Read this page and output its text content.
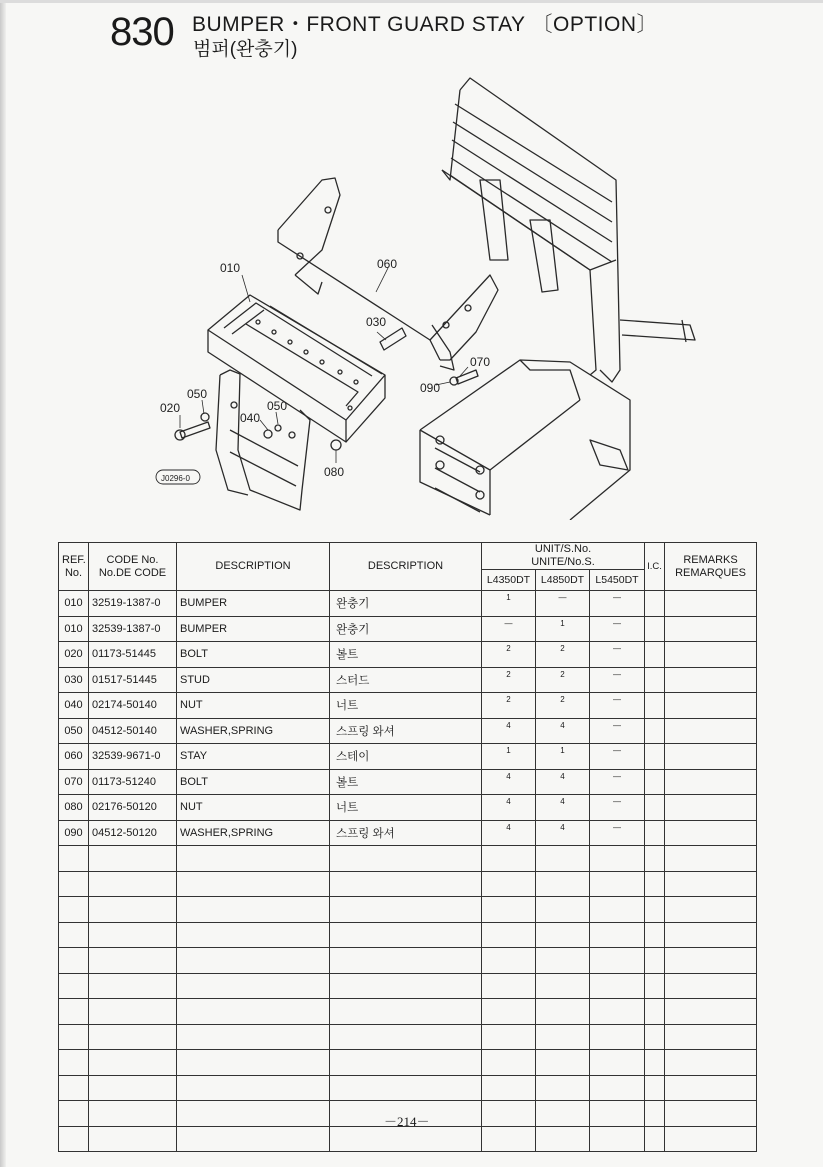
830 BUMPER・FRONT GUARD STAY 〔OPTION〕
범퍼(완충기)
010	060
030
070
090
050
020
040
050
080
J0296-0
REF.
No.	CODE No.
No.DE CODE	DESCRIPTION	DESCRIPTION	UNIT/S.No.
UNITE/No.S.			I.C.	REMARKS
REMARQUES
				L4350DT	L4850DT	L5450DT		
010	32519-1387-0	BUMPER	완충기	1	—	—		
010	32539-1387-0	BUMPER	완충기	—	1	—		
020	01173-51445	BOLT	볼트	2	2	—		
030	01517-51445	STUD	스터드	2	2	—		
040	02174-50140	NUT	너트	2	2	—		
050	04512-50140	WASHER,SPRING	스프링 와셔	4	4	—		
060	32539-9671-0	STAY	스테이	1	1	—		
070	01173-51240	BOLT	볼트	4	4	—		
080	02176-50120	NUT	너트	4	4	—		
090	04512-50120	WASHER,SPRING	스프링 와셔	4	4	—		

－214－
